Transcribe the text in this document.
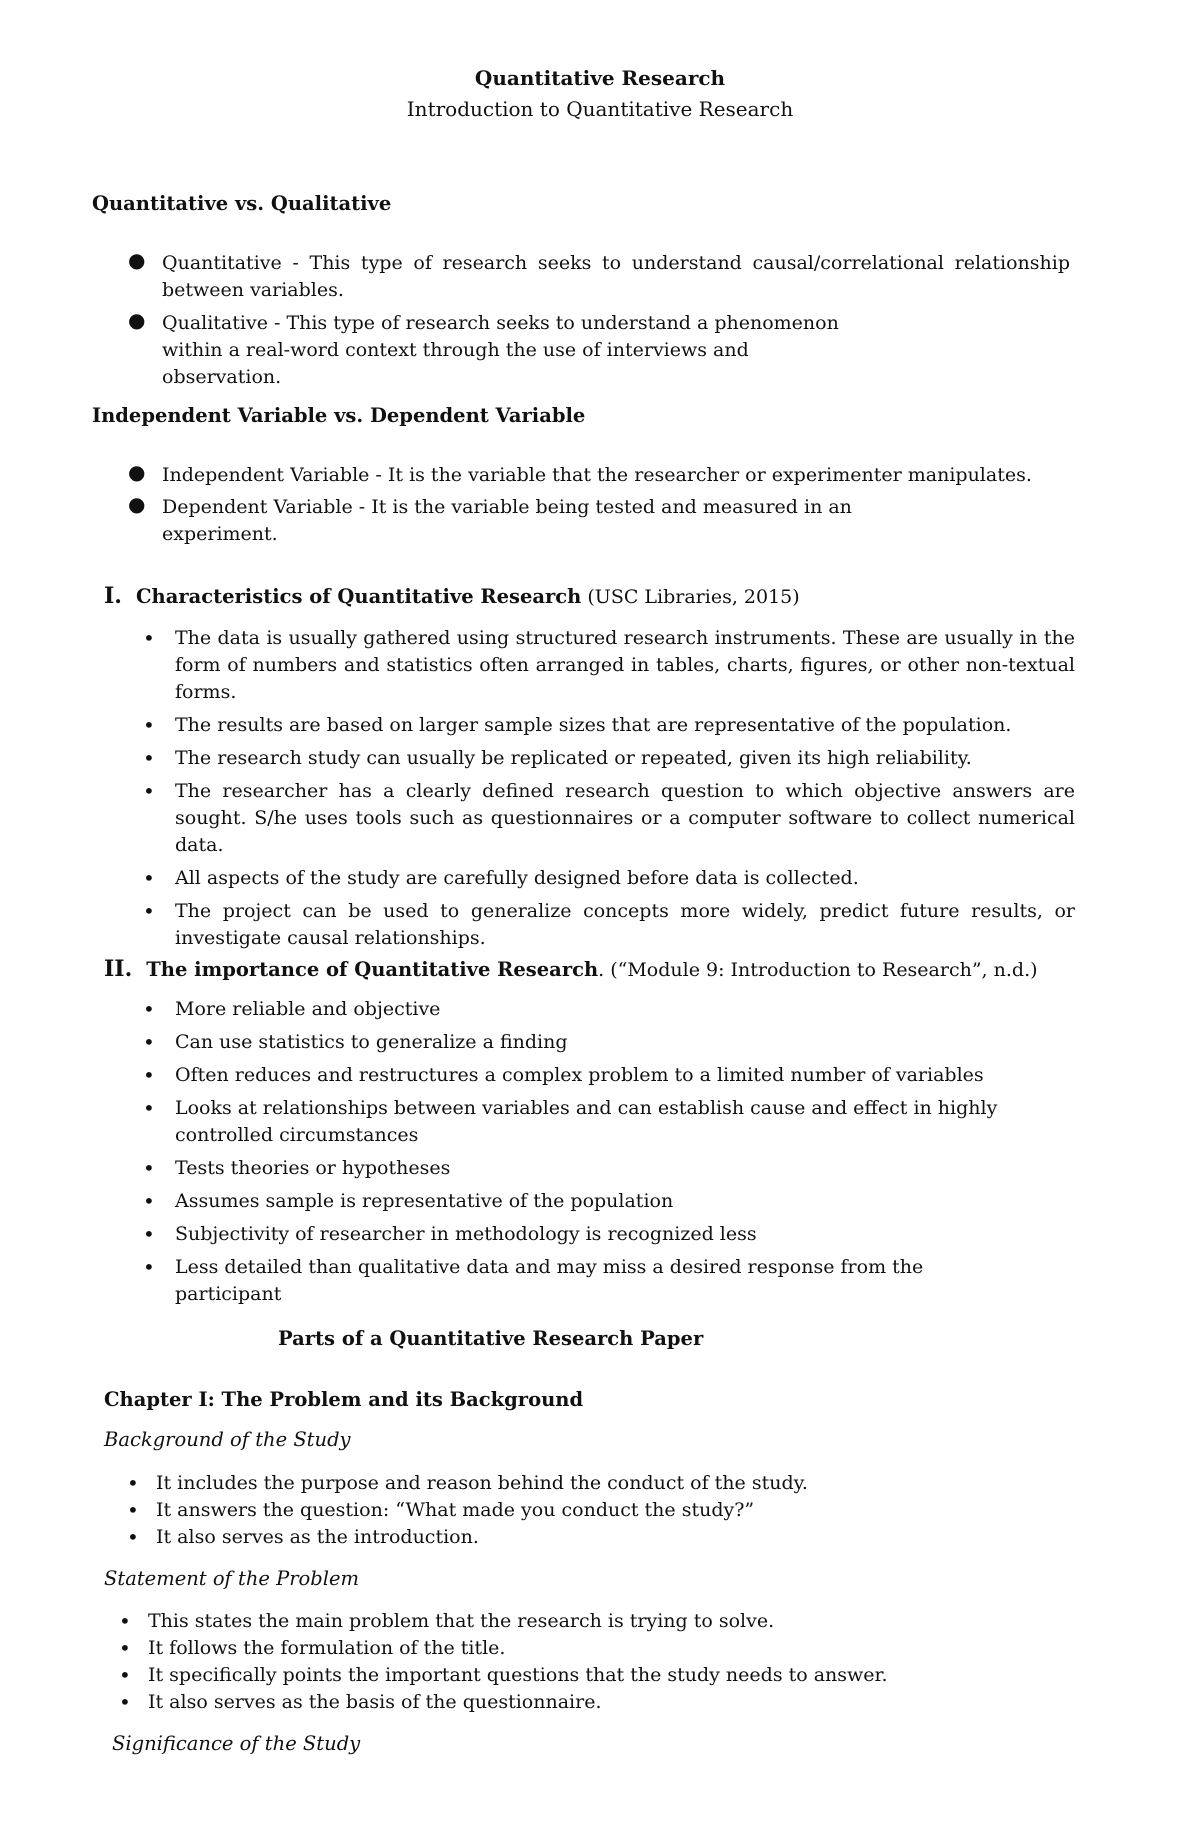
Quantitative Research
Introduction to Quantitative Research
Quantitative vs. Qualitative
● Quantitative - This type of research seeks to understand causal/correlational relationship between variables.
● Qualitative - This type of research seeks to understand a phenomenon within a real-word context through the use of interviews and observation.
Independent Variable vs. Dependent Variable
● Independent Variable - It is the variable that the researcher or experimenter manipulates.
● Dependent Variable - It is the variable being tested and measured in an experiment.
I. Characteristics of Quantitative Research (USC Libraries, 2015)
• The data is usually gathered using structured research instruments. These are usually in the form of numbers and statistics often arranged in tables, charts, figures, or other non-textual forms.
• The results are based on larger sample sizes that are representative of the population.
• The research study can usually be replicated or repeated, given its high reliability.
• The researcher has a clearly defined research question to which objective answers are sought. S/he uses tools such as questionnaires or a computer software to collect numerical data.
• All aspects of the study are carefully designed before data is collected.
• The project can be used to generalize concepts more widely, predict future results, or investigate causal relationships.
II. The importance of Quantitative Research. (“Module 9: Introduction to Research”, n.d.)
• More reliable and objective
• Can use statistics to generalize a finding
• Often reduces and restructures a complex problem to a limited number of variables
• Looks at relationships between variables and can establish cause and effect in highly controlled circumstances
• Tests theories or hypotheses
• Assumes sample is representative of the population
• Subjectivity of researcher in methodology is recognized less
• Less detailed than qualitative data and may miss a desired response from the participant
Parts of a Quantitative Research Paper
Chapter I: The Problem and its Background
Background of the Study
• It includes the purpose and reason behind the conduct of the study.
• It answers the question: “What made you conduct the study?”
• It also serves as the introduction.
Statement of the Problem
• This states the main problem that the research is trying to solve.
• It follows the formulation of the title.
• It specifically points the important questions that the study needs to answer.
• It also serves as the basis of the questionnaire.
Significance of the Study
